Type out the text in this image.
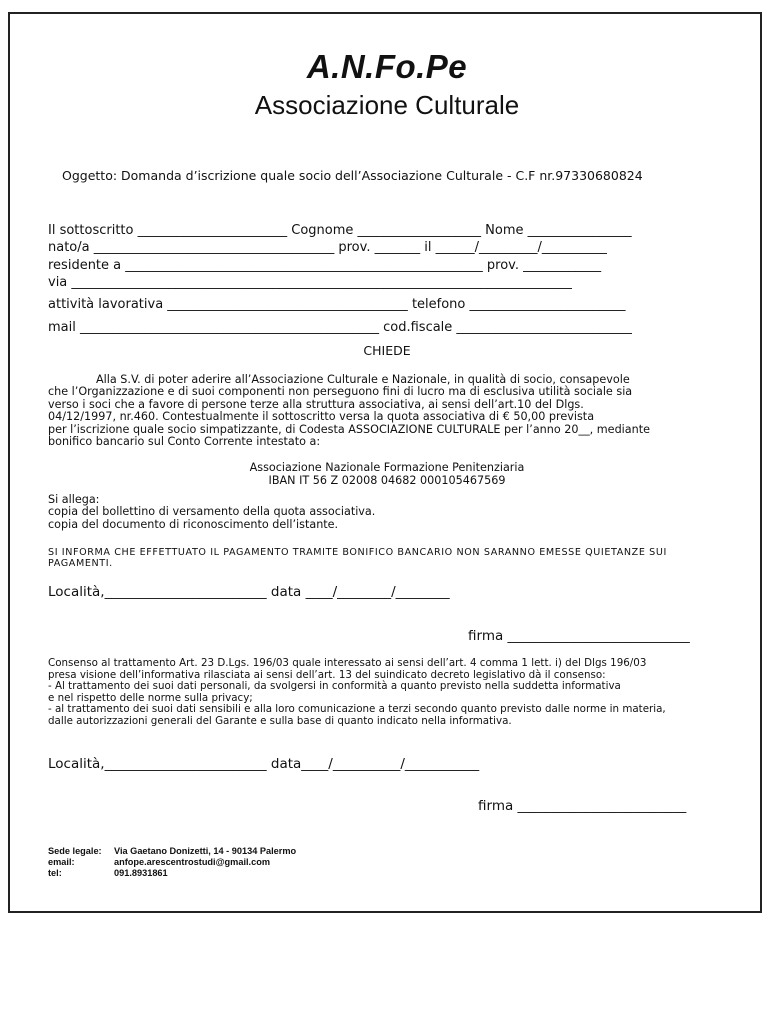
A.N.Fo.Pe
Associazione Culturale
Oggetto: Domanda d’iscrizione quale socio dell’Associazione Culturale - C.F nr.97330680824
Il sottoscritto _______________________ Cognome ___________________ Nome ________________
nato/a _____________________________________ prov. _______ il ______/_________/__________
residente a _______________________________________________________ prov. ____________
via _____________________________________________________________________________
attività lavorativa _____________________________________ telefono ________________________
mail ______________________________________________ cod.fiscale ___________________________
CHIEDE
Alla S.V. di poter aderire all’Associazione Culturale e Nazionale, in qualità di socio, consapevole
che l’Organizzazione e di suoi componenti non perseguono fini di lucro ma di esclusiva utilità sociale sia
verso i soci che a favore di persone terze alla struttura associativa, ai sensi dell’art.10 del Dlgs.
04/12/1997, nr.460. Contestualmente il sottoscritto versa la quota associativa di € 50,00 prevista
per l’iscrizione quale socio simpatizzante, di Codesta ASSOCIAZIONE CULTURALE per l’anno 20__, mediante
bonifico bancario sul Conto Corrente intestato a:
Associazione Nazionale Formazione Penitenziaria
IBAN IT 56 Z 02008 04682 000105467569
Si allega:
copia del bollettino di versamento della quota associativa.
copia del documento di riconoscimento dell’istante.
SI INFORMA CHE EFFETTUATO IL PAGAMENTO TRAMITE BONIFICO BANCARIO NON SARANNO EMESSE QUIETANZE SUI PAGAMENTI.
Località,________________________ data ____/________/________
firma ___________________________
Consenso al trattamento Art. 23 D.Lgs. 196/03 quale interessato ai sensi dell’art. 4 comma 1 lett. i) del Dlgs 196/03
presa visione dell’informativa rilasciata ai sensi dell’art. 13 del suindicato decreto legislativo dà il consenso:
- Al trattamento dei suoi dati personali, da svolgersi in conformità a quanto previsto nella suddetta informativa
e nel rispetto delle norme sulla privacy;
- al trattamento dei suoi dati sensibili e alla loro comunicazione a terzi secondo quanto previsto dalle norme in materia,
dalle autorizzazioni generali del Garante e sulla base di quanto indicato nella informativa.
Località,________________________ data____/__________/___________
firma _________________________
Sede legale: Via Gaetano Donizetti, 14 - 90134 Palermo
email:	anfope.arescentrostudi@gmail.com
tel:	091.8931861
